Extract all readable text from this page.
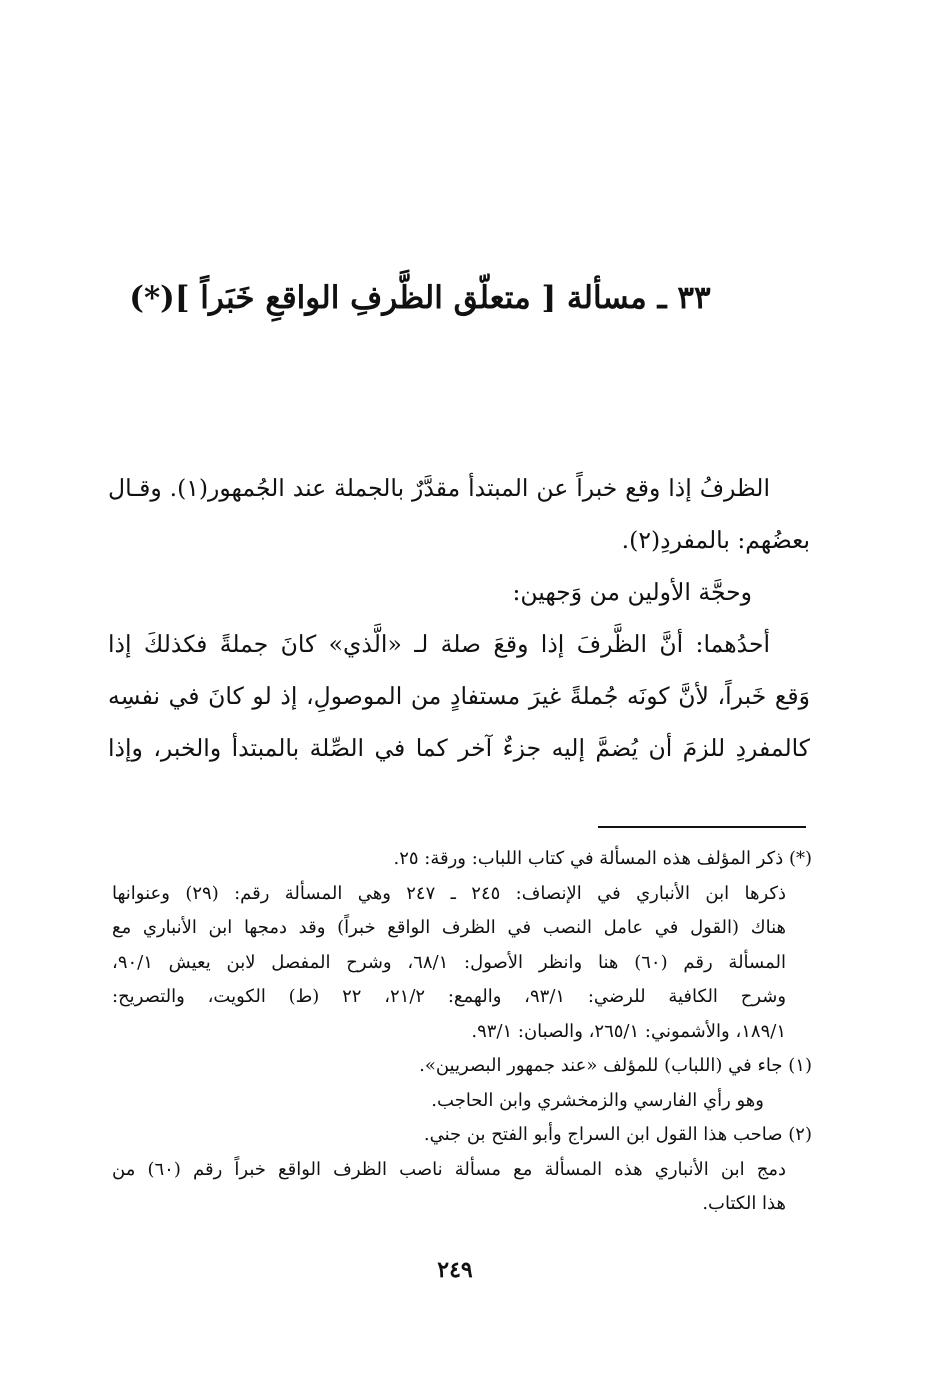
٣٣ ـ مسألة [ متعلّق الظَّرفِ الواقعِ خَبَراً ](*)
الظرفُ إذا وقع خبراً عن المبتدأ مقدَّرٌ بالجملة عند الجُمهور(١). وقـال
بعضُهم: بالمفردِ(٢).
وحجَّة الأولين من وَجهين:
أحدُهما: أنَّ الظَّرفَ إذا وقعَ صلة لـ «الَّذي» كانَ جملةً فكذلكَ إذا
وَقع خَبراً، لأنَّ كونَه جُملةً غيرَ مستفادٍ من الموصولِ، إذ لو كانَ في نفسِه
كالمفردِ للزمَ أن يُضمَّ إليه جزءٌ آخر كما في الصِّلة بالمبتدأ والخبر، وإذا
(*) ذكر المؤلف هذه المسألة في كتاب اللباب: ورقة: ٢٥.
ذكرها ابن الأنباري في الإنصاف: ٢٤٥ ـ ٢٤٧ وهي المسألة رقم: (٢٩) وعنوانها
هناك (القول في عامل النصب في الظرف الواقع خبراً) وقد دمجها ابن الأنباري مع
المسألة رقم (٦٠) هنا وانظر الأصول: ٦٨/١، وشرح المفصل لابن يعيش ٩٠/١،
وشرح الكافية للرضي: ٩٣/١، والهمع: ٢١/٢، ٢٢ (ط) الكويت، والتصريح:
١٨٩/١، والأشموني: ٢٦٥/١، والصبان: ٩٣/١.
(١) جاء في (اللباب) للمؤلف «عند جمهور البصريين».
وهو رأي الفارسي والزمخشري وابن الحاجب.
(٢) صاحب هذا القول ابن السراج وأبو الفتح بن جني.
دمج ابن الأنباري هذه المسألة مع مسألة ناصب الظرف الواقع خبراً رقم (٦٠) من
هذا الكتاب.
٢٤٩
